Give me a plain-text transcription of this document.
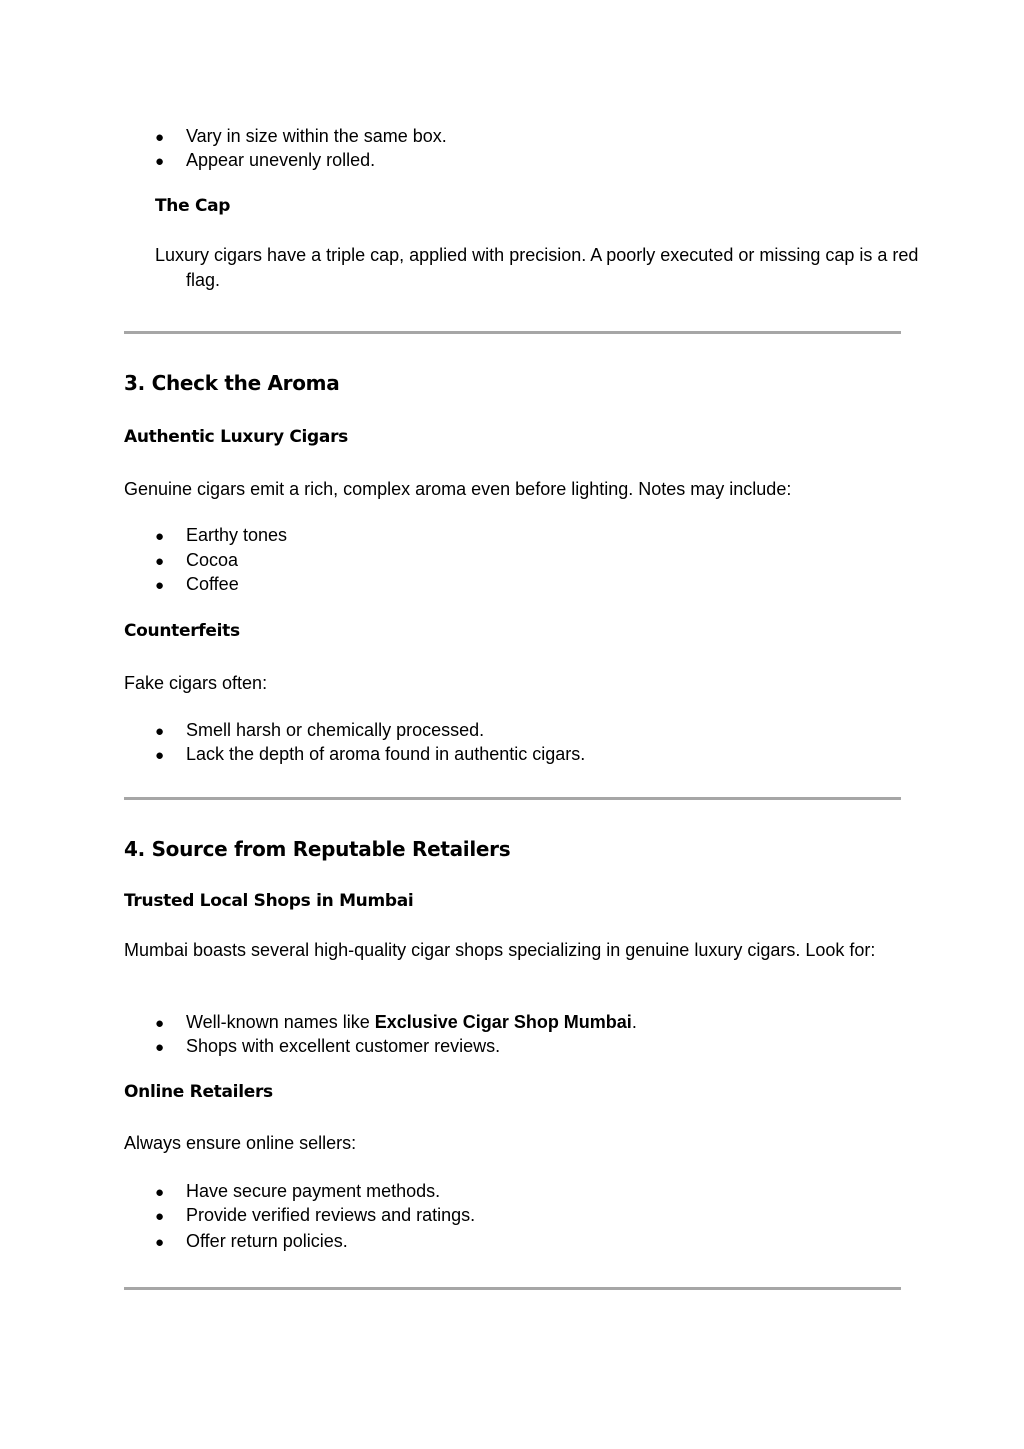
● Vary in size within the same box.
● Appear unevenly rolled.
The Cap
Luxury cigars have a triple cap, applied with precision. A poorly executed or missing cap is a red flag.
3. Check the Aroma
Authentic Luxury Cigars
Genuine cigars emit a rich, complex aroma even before lighting. Notes may include:
● Earthy tones
● Cocoa
● Coffee
Counterfeits
Fake cigars often:
● Smell harsh or chemically processed.
● Lack the depth of aroma found in authentic cigars.
4. Source from Reputable Retailers
Trusted Local Shops in Mumbai
Mumbai boasts several high-quality cigar shops specializing in genuine luxury cigars. Look for:
● Well-known names like Exclusive Cigar Shop Mumbai.
● Shops with excellent customer reviews.
Online Retailers
Always ensure online sellers:
● Have secure payment methods.
● Provide verified reviews and ratings.
● Offer return policies.
